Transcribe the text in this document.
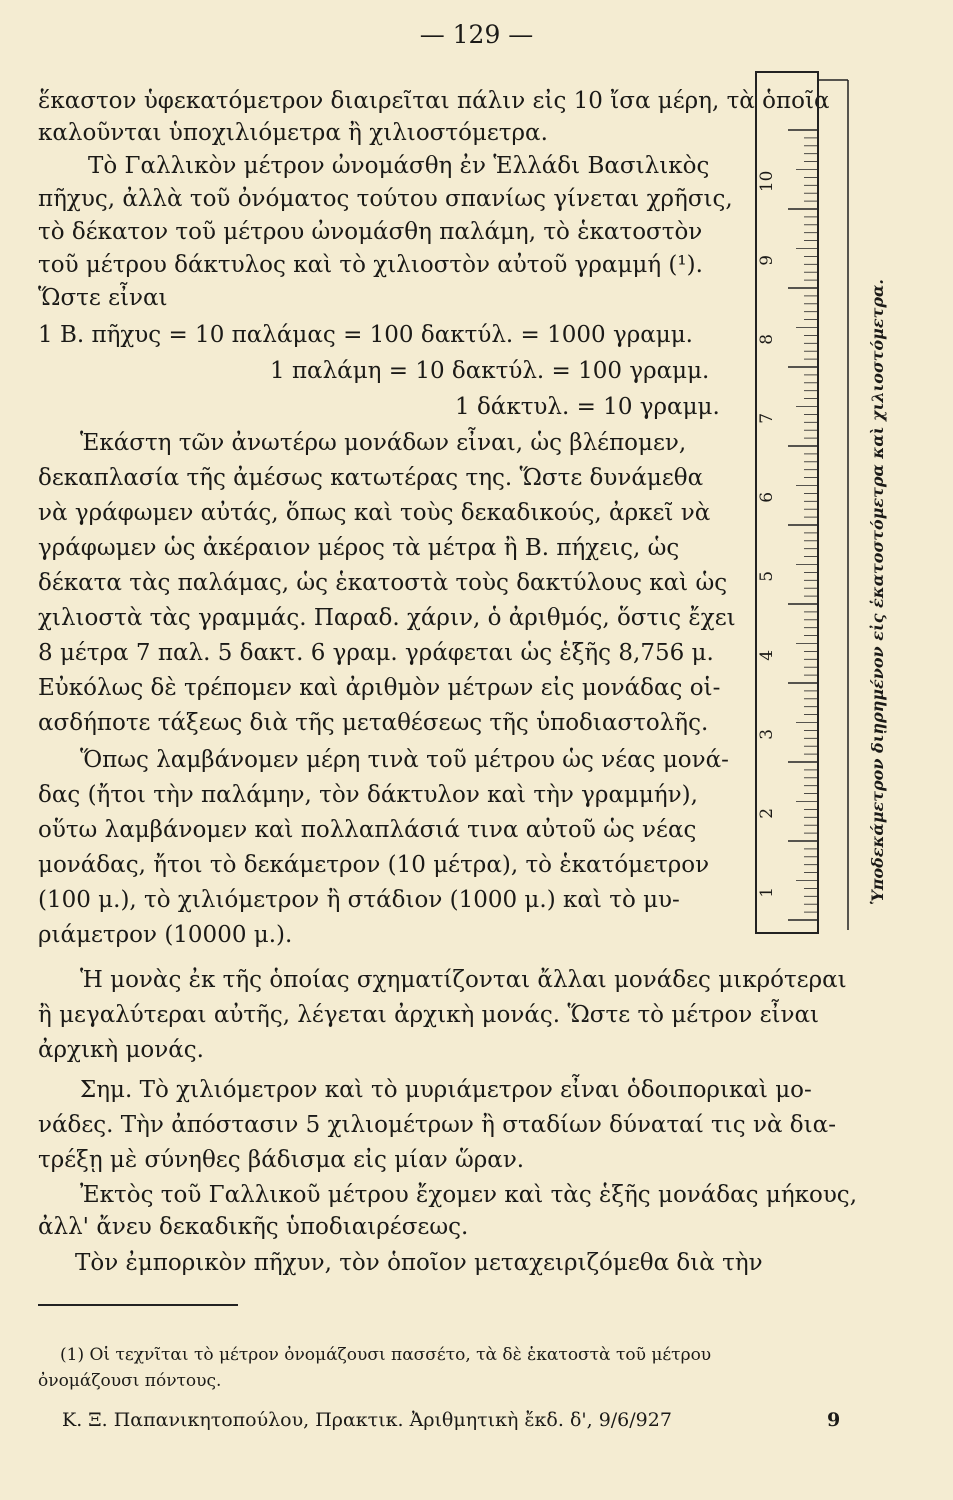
— 129 —
ἕκαστον ὑφεκατόμετρον διαιρεῖται πάλιν εἰς 10 ἴσα μέρη, τὰ ὁποῖα
καλοῦνται ὑποχιλιόμετρα ἢ χιλιοστόμετρα.
Τὸ Γαλλικὸν μέτρον ὠνομάσθη ἐν Ἑλλάδι Βασιλικὸς
πῆχυς, ἀλλὰ τοῦ ὀνόματος τούτου σπανίως γίνεται χρῆσις,
τὸ δέκατον τοῦ μέτρου ὠνομάσθη παλάμη, τὸ ἑκατοστὸν
τοῦ μέτρου δάκτυλος καὶ τὸ χιλιοστὸν αὐτοῦ γραμμή (¹).
Ὥστε εἶναι
1 Β. πῆχυς = 10 παλάμας = 100 δακτύλ. = 1000 γραμμ.
1 παλάμη = 10 δακτύλ. = 100 γραμμ.
1 δάκτυλ. = 10 γραμμ.
Ἑκάστη τῶν ἀνωτέρω μονάδων εἶναι, ὡς βλέπομεν,
δεκαπλασία τῆς ἀμέσως κατωτέρας της. Ὥστε δυνάμεθα
νὰ γράφωμεν αὐτάς, ὅπως καὶ τοὺς δεκαδικούς, ἀρκεῖ νὰ
γράφωμεν ὡς ἀκέραιον μέρος τὰ μέτρα ἢ Β. πήχεις, ὡς
δέκατα τὰς παλάμας, ὡς ἑκατοστὰ τοὺς δακτύλους καὶ ὡς
χιλιοστὰ τὰς γραμμάς. Παραδ. χάριν, ὁ ἀριθμός, ὅστις ἔχει
8 μέτρα 7 παλ. 5 δακτ. 6 γραμ. γράφεται ὡς ἑξῆς 8,756 μ.
Εὐκόλως δὲ τρέπομεν καὶ ἀριθμὸν μέτρων εἰς μονάδας οἱ-
ασδήποτε τάξεως διὰ τῆς μεταθέσεως τῆς ὑποδιαστολῆς.
Ὅπως λαμβάνομεν μέρη τινὰ τοῦ μέτρου ὡς νέας μονά-
δας (ἤτοι τὴν παλάμην, τὸν δάκτυλον καὶ τὴν γραμμήν),
οὕτω λαμβάνομεν καὶ πολλαπλάσιά τινα αὐτοῦ ὡς νέας
μονάδας, ἤτοι τὸ δεκάμετρον (10 μέτρα), τὸ ἑκατόμετρον
(100 μ.), τὸ χιλιόμετρον ἢ στάδιον (1000 μ.) καὶ τὸ μυ-
ριάμετρον (10000 μ.).
Ἡ μονὰς ἐκ τῆς ὁποίας σχηματίζονται ἄλλαι μονάδες μικρότεραι
ἢ μεγαλύτεραι αὐτῆς, λέγεται ἀρχικὴ μονάς. Ὥστε τὸ μέτρον εἶναι
ἀρχικὴ μονάς.
Σημ. Τὸ χιλιόμετρον καὶ τὸ μυριάμετρον εἶναι ὁδοιπορικαὶ μο-
νάδες. Τὴν ἀπόστασιν 5 χιλιομέτρων ἢ σταδίων δύναταί τις νὰ δια-
τρέξῃ μὲ σύνηθες βάδισμα εἰς μίαν ὥραν.
Ἐκτὸς τοῦ Γαλλικοῦ μέτρου ἔχομεν καὶ τὰς ἑξῆς μονάδας μήκους,
ἀλλ' ἄνευ δεκαδικῆς ὑποδιαιρέσεως.
Τὸν ἐμπορικὸν πῆχυν, τὸν ὁποῖον μεταχειριζόμεθα διὰ τὴν
(1) Οἱ τεχνῖται τὸ μέτρον ὀνομάζουσι πασσέτο, τὰ δὲ ἑκατοστὰ τοῦ μέτρου
ὀνομάζουσι πόντους.
Κ. Ξ. Παπανικητοπούλου, Πρακτικ. Ἀριθμητικὴ ἔκδ. δ', 9/6/927	9
1
2
3
4
5
6
7
8
9
10
Ὑποδεκάμετρον διῃρημένον εἰς ἑκατοστόμετρα καὶ χιλιοστόμετρα.
